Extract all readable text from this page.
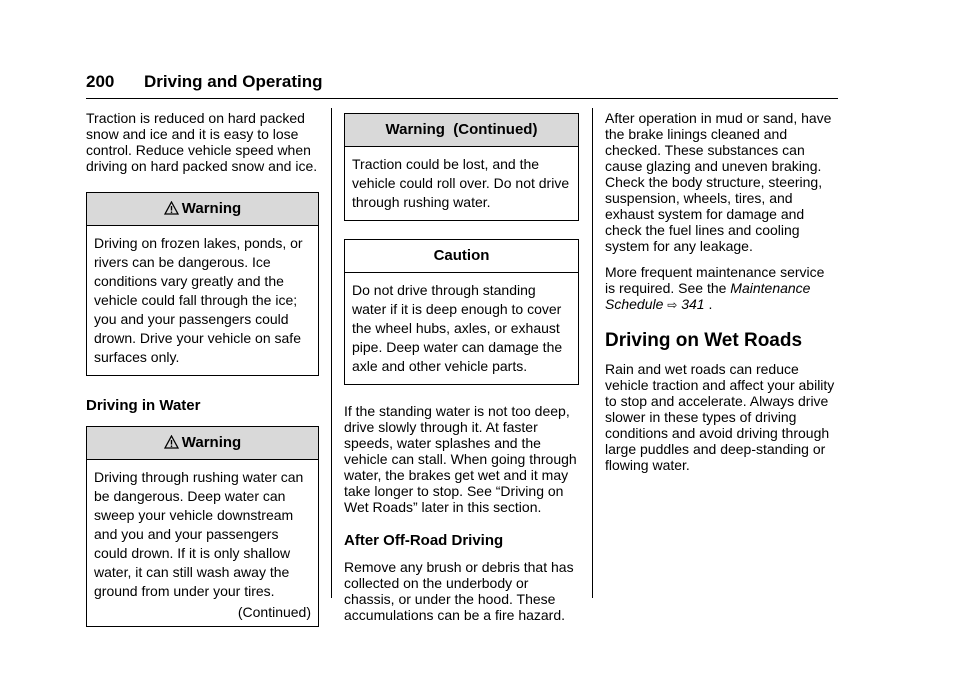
200 Driving and Operating

Traction is reduced on hard packed snow and ice and it is easy to lose control. Reduce vehicle speed when driving on hard packed snow and ice.

Warning
Driving on frozen lakes, ponds, or rivers can be dangerous. Ice conditions vary greatly and the vehicle could fall through the ice; you and your passengers could drown. Drive your vehicle on safe surfaces only.
Driving in Water
Warning
Driving through rushing water can be dangerous. Deep water can sweep your vehicle downstream and you and your passengers could drown. If it is only shallow water, it can still wash away the ground from under your tires.
(Continued)
Warning  (Continued)
Traction could be lost, and the vehicle could roll over. Do not drive through rushing water.
Caution
Do not drive through standing water if it is deep enough to cover the wheel hubs, axles, or exhaust pipe. Deep water can damage the axle and other vehicle parts.

If the standing water is not too deep, drive slowly through it. At faster speeds, water splashes and the vehicle can stall. When going through water, the brakes get wet and it may take longer to stop. See “Driving on Wet Roads” later in this section.

After Off-Road Driving

Remove any brush or debris that has collected on the underbody or chassis, or under the hood. These accumulations can be a fire hazard.

After operation in mud or sand, have the brake linings cleaned and checked. These substances can cause glazing and uneven braking. Check the body structure, steering, suspension, wheels, tires, and exhaust system for damage and check the fuel lines and cooling system for any leakage.

More frequent maintenance service is required. See the Maintenance Schedule ⇨ 341 .

Driving on Wet Roads

Rain and wet roads can reduce vehicle traction and affect your ability to stop and accelerate. Always drive slower in these types of driving conditions and avoid driving through large puddles and deep-standing or flowing water.
